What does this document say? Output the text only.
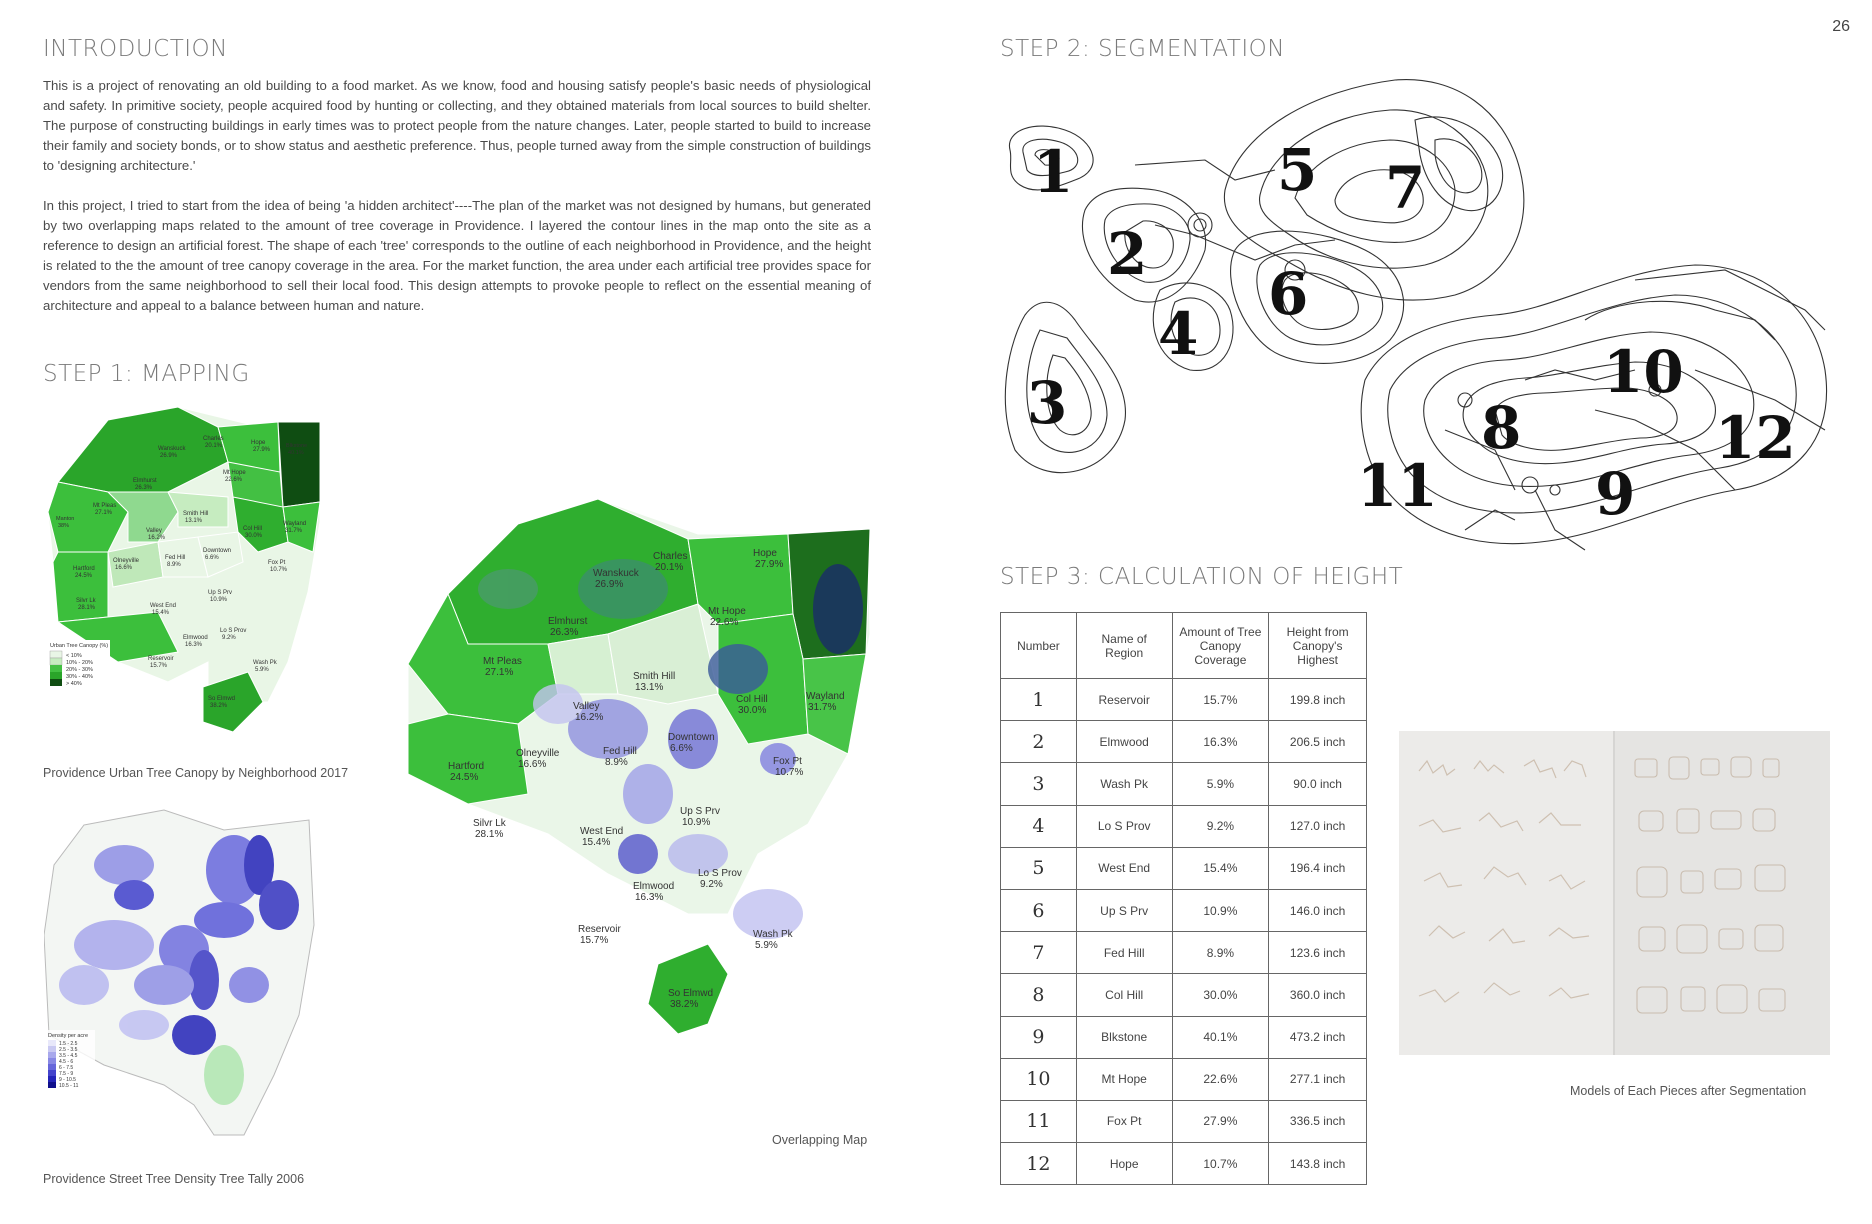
26
INTRODUCTION

This is a project of renovating an old building to a food market. As we know, food and housing satisfy people's basic needs of physiological and safety. In primitive society, people acquired food by hunting or collecting, and they obtained materials from local sources to build shelter. The purpose of constructing buildings in early times was to protect people from the nature changes. Later, people started to build to increase their family and society bonds, or to show status and aesthetic preference. Thus, people turned away from the simple construction of buildings to 'designing architecture.'

In this project, I tried to start from the idea of being 'a hidden architect'----The plan of the market was not designed by humans, but generated by two overlapping maps related to the amount of tree coverage in Providence. I layered the contour lines in the map onto the site as a reference to design an artificial forest. The shape of each 'tree' corresponds to the outline of each neighborhood in Providence, and the height is related to the the amount of tree canopy coverage in the area. For the market function, the area under each artificial tree provides space for vendors from the same neighborhood to sell their local food. This design attempts to provoke people to reflect on the essential meaning of architecture and appeal to a balance between human and nature.

STEP 1: MAPPING
Wanskuck
Charles
Hope
Elmhurst
Mt Hope
Mt Pleas
Smith Hill
Valley	Col Hill
Wayland
Downtown
Fed Hill
Olneyville
Hartford
Fox Pt
Up S Prv
Silvr Lk
West End
Lo S Prov
Elmwood
Reservoir
Wash Pk
So Elmwd
Urban Tree Canopy (%)
< 10%
10% - 20%
20% - 30%
30% - 40%
> 40%
26.9%
20.1%
27.9%
26.3%
22.6%
27.1%
13.1%
16.2%	30.0%
31.7%
6.6%
8.9%
16.6%
24.5%
10.7%
10.9%
28.1%
15.4%
9.2%
16.3%
15.7%
5.9%
38.2%
Blkstone
40.1%
Manton
38%
Providence Urban Tree Canopy by Neighborhood 2017
Density per acre
1.5 - 2.5
2.5 - 3.5
3.5 - 4.5
4.5 - 6
6 - 7.5
7.5 - 9
9 - 10.5
10.5 - 11
Providence Street Tree Density Tree Tally 2006
Wanskuck
Charles	Hope
Elmhurst
Mt Hope
Mt Pleas
Smith Hill
Valley
Col Hill	Wayland
Downtown
Fed Hill
Olneyville
Hartford	Fox Pt
Up S Prv
Silvr Lk
West End
Lo S Prov
Elmwood
Reservoir	Wash Pk
So Elmwd
26.9%
20.1%	27.9%
26.3%
22.6%
27.1%
13.1%
16.2%
30.0%	31.7%
6.6%
8.9%
16.6%
24.5%	10.7%
10.9%
28.1%
15.4%
9.2%
16.3%
15.7%	5.9%
38.2%
Overlapping Map
STEP 2: SEGMENTATION
1
2
3
4
5
6
7
8
9
10
11
12
STEP 3: CALCULATION OF HEIGHT
Number	Name of Region	Amount of Tree Canopy Coverage	Height from Canopy's Highest
1	Reservoir	15.7%	199.8 inch
2	Elmwood	16.3%	206.5 inch
3	Wash Pk	5.9%	90.0 inch
4	Lo S Prov	9.2%	127.0 inch
5	West End	15.4%	196.4 inch
6	Up S Prv	10.9%	146.0 inch
7	Fed Hill	8.9%	123.6 inch
8	Col Hill	30.0%	360.0 inch
9	Blkstone	40.1%	473.2 inch
10	Mt Hope	22.6%	277.1 inch
11	Fox Pt	27.9%	336.5 inch
12	Hope	10.7%	143.8 inch
Models of Each Pieces after Segmentation
